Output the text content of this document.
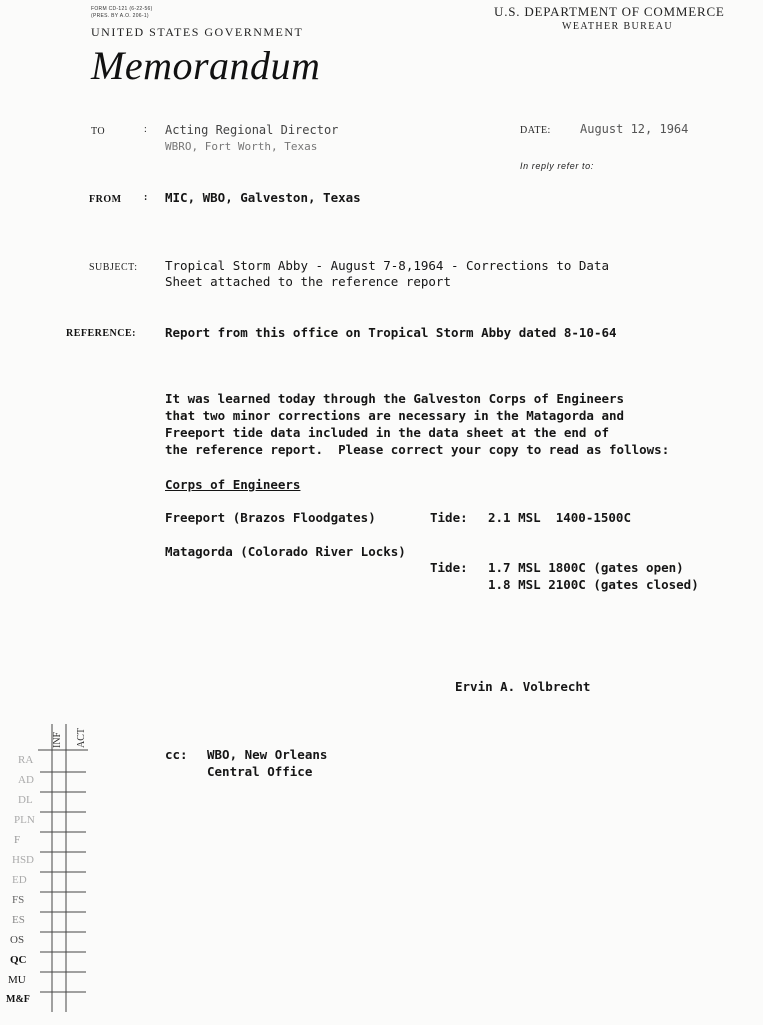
FORM CD-121 (6-22-56)
(PRES. BY A.O. 206-1)
UNITED STATES GOVERNMENT
U.S. DEPARTMENT OF COMMERCE
WEATHER BUREAU
Memorandum
TO	: Acting Regional Director
WBRO, Fort Worth, Texas
DATE: August 12, 1964
In reply refer to:
FROM : MIC, WBO, Galveston, Texas
SUBJECT: Tropical Storm Abby - August 7-8,1964 - Corrections to Data
Sheet attached to the reference report
REFERENCE: Report from this office on Tropical Storm Abby dated 8-10-64
It was learned today through the Galveston Corps of Engineers
that two minor corrections are necessary in the Matagorda and
Freeport tide data included in the data sheet at the end of
the reference report.  Please correct your copy to read as follows:
Corps of Engineers
Freeport (Brazos Floodgates)	Tide: 2.1 MSL  1400-1500C
Matagorda (Colorado River Locks)
Tide: 1.7 MSL 1800C (gates open)
1.8 MSL 2100C (gates closed)
Ervin A. Volbrecht
cc: WBO, New Orleans
Central Office
INF ACT
RA
AD
DL
PLN
F
HSD
ED
FS
ES
OS
QC
MU
M&F
